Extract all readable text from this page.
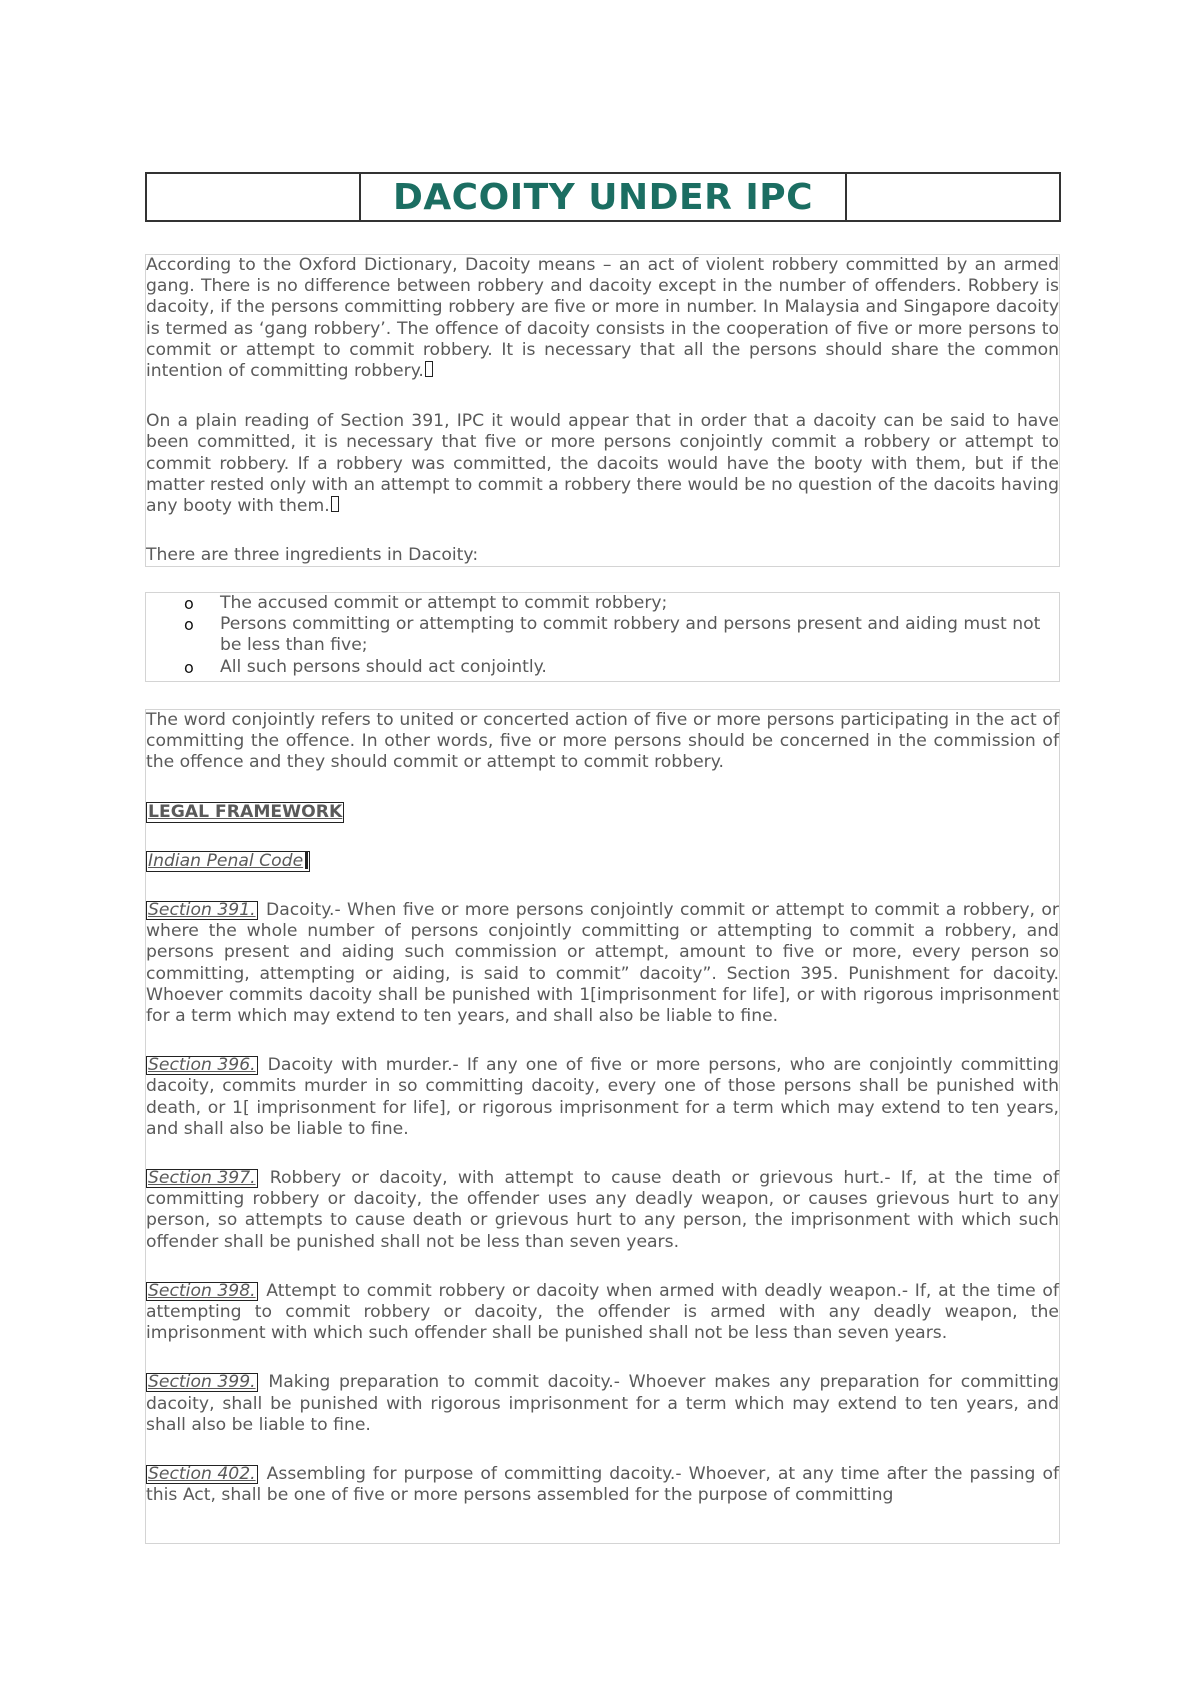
DACOITY UNDER IPC

According to the Oxford Dictionary, Dacoity means – an act of violent robbery committed by an armed gang. There is no difference between robbery and dacoity except in the number of offenders. Robbery is dacoity, if the persons committing robbery are five or more in number. In Malaysia and Singapore dacoity is termed as ‘gang robbery’. The offence of dacoity consists in the cooperation of five or more persons to commit or attempt to commit robbery. It is necessary that all the persons should share the common intention of committing robbery.

On a plain reading of Section 391, IPC it would appear that in order that a dacoity can be said to have been committed, it is necessary that five or more persons conjointly commit a robbery or attempt to commit robbery. If a robbery was committed, the dacoits would have the booty with them, but if the matter rested only with an attempt to commit a robbery there would be no question of the dacoits having any booty with them.

There are three ingredients in Dacoity:

o	The accused commit or attempt to commit robbery;
o	Persons committing or attempting to commit robbery and persons present and aiding must not be less than five;
o	All such persons should act conjointly.

The word conjointly refers to united or concerted action of five or more persons participating in the act of committing the offence. In other words, five or more persons should be concerned in the commission of the offence and they should commit or attempt to commit robbery.

LEGAL FRAMEWORK

Indian Penal Code

Section 391. Dacoity.- When five or more persons conjointly commit or attempt to commit a robbery, or where the whole number of persons conjointly committing or attempting to commit a robbery, and persons present and aiding such commission or attempt, amount to five or more, every person so committing, attempting or aiding, is said to commit” dacoity”. Section 395. Punishment for dacoity. Whoever commits dacoity shall be punished with 1[imprisonment for life], or with rigorous imprisonment for a term which may extend to ten years, and shall also be liable to fine.

Section 396. Dacoity with murder.- If any one of five or more persons, who are conjointly committing dacoity, commits murder in so committing dacoity, every one of those persons shall be punished with death, or 1[ imprisonment for life], or rigorous imprisonment for a term which may extend to ten years, and shall also be liable to fine.

Section 397. Robbery or dacoity, with attempt to cause death or grievous hurt.- If, at the time of committing robbery or dacoity, the offender uses any deadly weapon, or causes grievous hurt to any person, so attempts to cause death or grievous hurt to any person, the imprisonment with which such offender shall be punished shall not be less than seven years.

Section 398. Attempt to commit robbery or dacoity when armed with deadly weapon.- If, at the time of attempting to commit robbery or dacoity, the offender is armed with any deadly weapon, the imprisonment with which such offender shall be punished shall not be less than seven years.

Section 399. Making preparation to commit dacoity.- Whoever makes any preparation for committing dacoity, shall be punished with rigorous imprisonment for a term which may extend to ten years, and shall also be liable to fine.

Section 402. Assembling for purpose of committing dacoity.- Whoever, at any time after the passing of this Act, shall be one of five or more persons assembled for the purpose of committing
